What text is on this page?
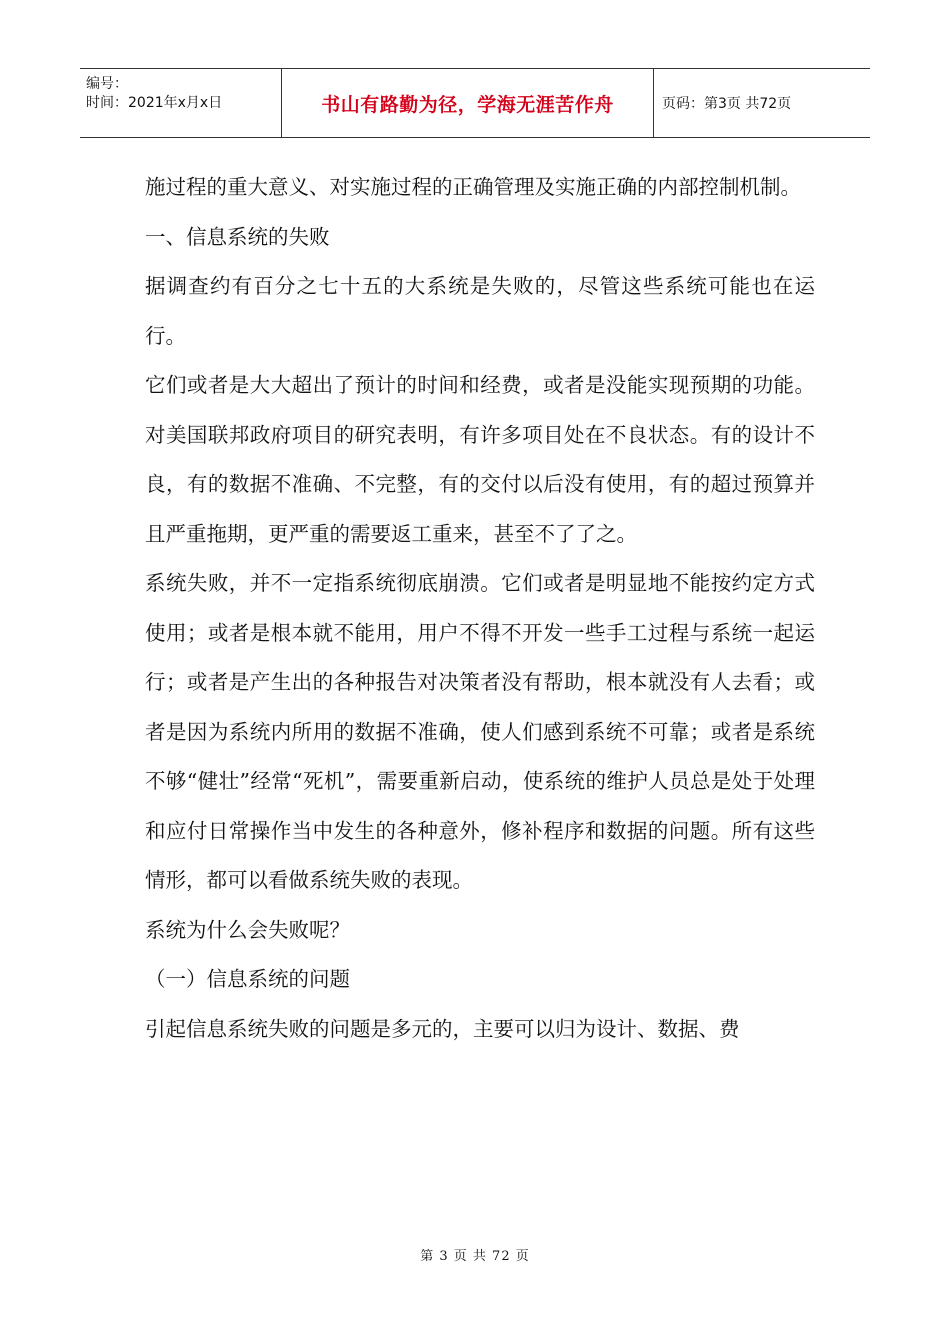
编号：
时间：2021年x月x日	书山有路勤为径，学海无涯苦作舟	页码：第3页 共72页

施过程的重大意义、对实施过程的正确管理及实施正确的内部控制机制。

一、信息系统的失败

据调查约有百分之七十五的大系统是失败的，尽管这些系统可能也在运行。

它们或者是大大超出了预计的时间和经费，或者是没能实现预期的功能。对美国联邦政府项目的研究表明，有许多项目处在不良状态。有的设计不良，有的数据不准确、不完整，有的交付以后没有使用，有的超过预算并且严重拖期，更严重的需要返工重来，甚至不了了之。

系统失败，并不一定指系统彻底崩溃。它们或者是明显地不能按约定方式使用；或者是根本就不能用，用户不得不开发一些手工过程与系统一起运行；或者是产生出的各种报告对决策者没有帮助，根本就没有人去看；或者是因为系统内所用的数据不准确，使人们感到系统不可靠；或者是系统不够“健壮”经常“死机”，需要重新启动，使系统的维护人员总是处于处理和应付日常操作当中发生的各种意外，修补程序和数据的问题。所有这些情形，都可以看做系统失败的表现。

系统为什么会失败呢？

（一）信息系统的问题

引起信息系统失败的问题是多元的，主要可以归为设计、数据、费

第 3 页 共 72 页
